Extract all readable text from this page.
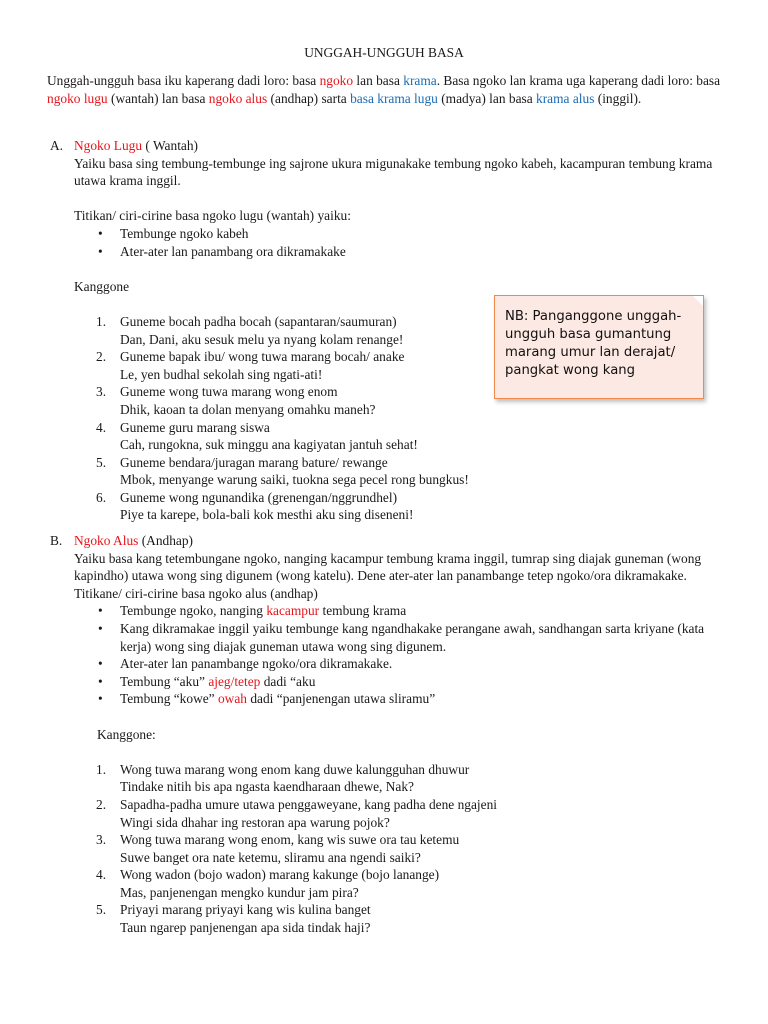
UNGGAH-UNGGUH BASA
Unggah-ungguh basa iku kaperang dadi loro: basa ngoko lan basa krama. Basa ngoko lan krama uga kaperang dadi loro: basa ngoko lugu (wantah) lan basa ngoko alus (andhap) sarta basa krama lugu (madya) lan basa krama alus (inggil).
A. Ngoko Lugu ( Wantah)
Yaiku basa sing tembung-tembunge ing sajrone ukura migunakake tembung ngoko kabeh, kacampuran tembung krama utawa krama inggil.
Titikan/ ciri-cirine basa ngoko lugu (wantah) yaiku:
• Tembunge ngoko kabeh
• Ater-ater lan panambang ora dikramakake
Kanggone
1. Guneme bocah padha bocah (sapantaran/saumuran)
Dan, Dani, aku sesuk melu ya nyang kolam renange!
2. Guneme bapak ibu/ wong tuwa marang bocah/ anake
Le, yen budhal sekolah sing ngati-ati!
3. Guneme wong tuwa marang wong enom
Dhik, kaoan ta dolan menyang omahku maneh?
4. Guneme guru marang siswa
Cah, rungokna, suk minggu ana kagiyatan jantuh sehat!
5. Guneme bendara/juragan marang bature/ rewange
Mbok, menyange warung saiki, tuokna sega pecel rong bungkus!
6. Guneme wong ngunandika (grenengan/nggrundhel)
Piye ta karepe, bola-bali kok mesthi aku sing diseneni!
NB: Panganggone unggah-ungguh basa gumantung marang umur lan derajat/ pangkat wong kang
B. Ngoko Alus (Andhap)
Yaiku basa kang tetembungane ngoko, nanging kacampur tembung krama inggil, tumrap sing diajak guneman (wong kapindho) utawa wong sing digunem (wong katelu). Dene ater-ater lan panambange tetep ngoko/ora dikramakake.
Titikane/ ciri-cirine basa ngoko alus (andhap)
• Tembunge ngoko, nanging kacampur tembung krama
• Kang dikramakae inggil yaiku tembunge kang ngandhakake perangane awah, sandhangan sarta kriyane (kata kerja) wong sing diajak guneman utawa wong sing digunem.
• Ater-ater lan panambange ngoko/ora dikramakake.
• Tembung “aku” ajeg/tetep dadi “aku
• Tembung “kowe” owah dadi “panjenengan utawa sliramu”
Kanggone:
1. Wong tuwa marang wong enom kang duwe kalungguhan dhuwur
Tindake nitih bis apa ngasta kaendharaan dhewe, Nak?
2. Sapadha-padha umure utawa penggaweyane, kang padha dene ngajeni
Wingi sida dhahar ing restoran apa warung pojok?
3. Wong tuwa marang wong enom, kang wis suwe ora tau ketemu
Suwe banget ora nate ketemu, sliramu ana ngendi saiki?
4. Wong wadon (bojo wadon) marang kakunge (bojo lanange)
Mas, panjenengan mengko kundur jam pira?
5. Priyayi marang priyayi kang wis kulina banget
Taun ngarep panjenengan apa sida tindak haji?
